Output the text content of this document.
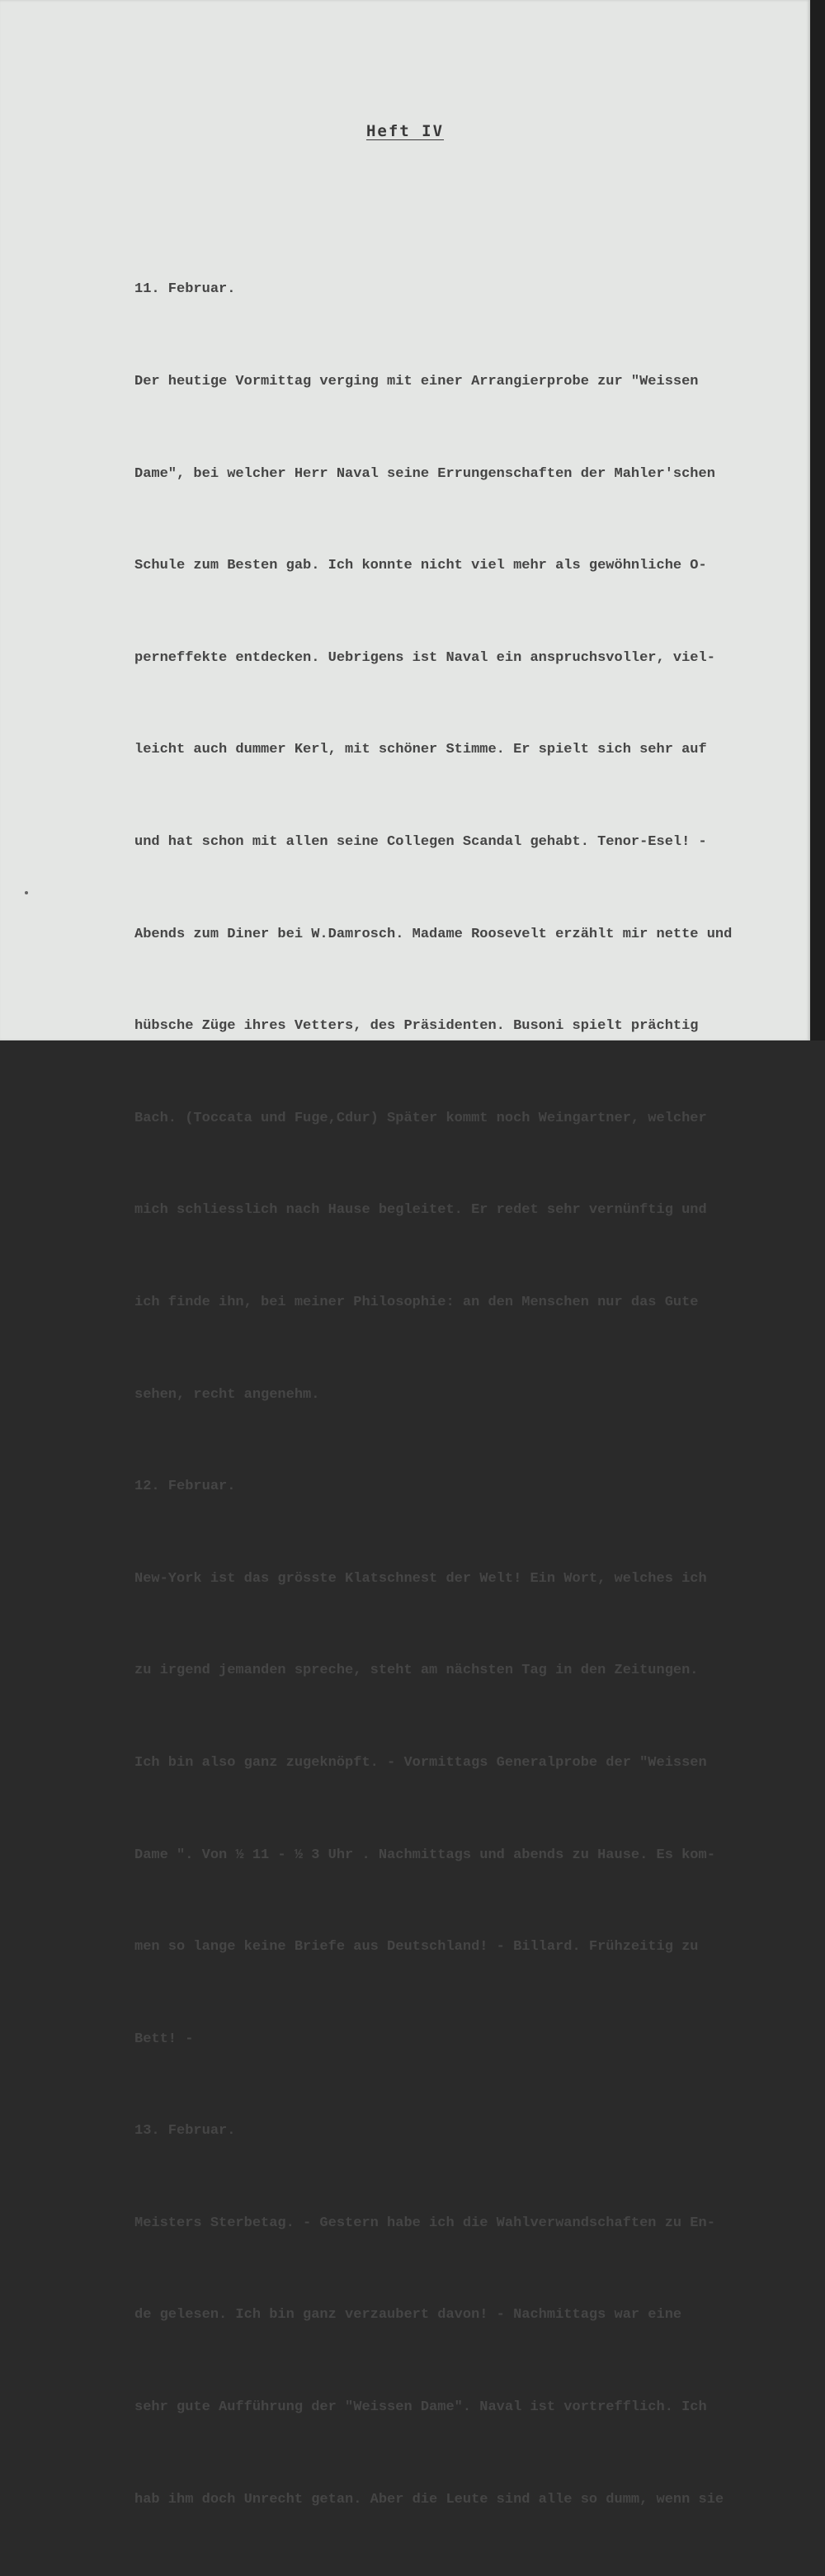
Heft IV

11. Februar.

Der heutige Vormittag verging mit einer Arrangierprobe zur "Weissen

Dame", bei welcher Herr Naval seine Errungenschaften der Mahler'schen

Schule zum Besten gab. Ich konnte nicht viel mehr als gewöhnliche O-

perneffekte entdecken. Uebrigens ist Naval ein anspruchsvoller, viel-

leicht auch dummer Kerl, mit schöner Stimme. Er spielt sich sehr auf

und hat schon mit allen seine Collegen Scandal gehabt. Tenor-Esel! -

Abends zum Diner bei W.Damrosch. Madame Roosevelt erzählt mir nette und

hübsche Züge ihres Vetters, des Präsidenten. Busoni spielt prächtig

Bach. (Toccata und Fuge,Cdur) Später kommt noch Weingartner, welcher

mich schliesslich nach Hause begleitet. Er redet sehr vernünftig und

ich finde ihn, bei meiner Philosophie: an den Menschen nur das Gute

sehen, recht angenehm.

12. Februar.

New-York ist das grösste Klatschnest der Welt! Ein Wort, welches ich

zu irgend jemanden spreche, steht am nächsten Tag in den Zeitungen.

Ich bin also ganz zugeknöpft. - Vormittags Generalprobe der "Weissen

Dame ". Von ½ 11 - ½ 3 Uhr . Nachmittags und abends zu Hause. Es kom-

men so lange keine Briefe aus Deutschland! - Billard. Frühzeitig zu

Bett! -

13. Februar.

Meisters Sterbetag. - Gestern habe ich die Wahlverwandschaften zu En-

de gelesen. Ich bin ganz verzaubert davon! - Nachmittags war eine

sehr gute Aufführung der "Weissen Dame". Naval ist vortrefflich. Ich

hab ihm doch Unrecht getan. Aber die Leute sind alle so dumm, wenn sie
